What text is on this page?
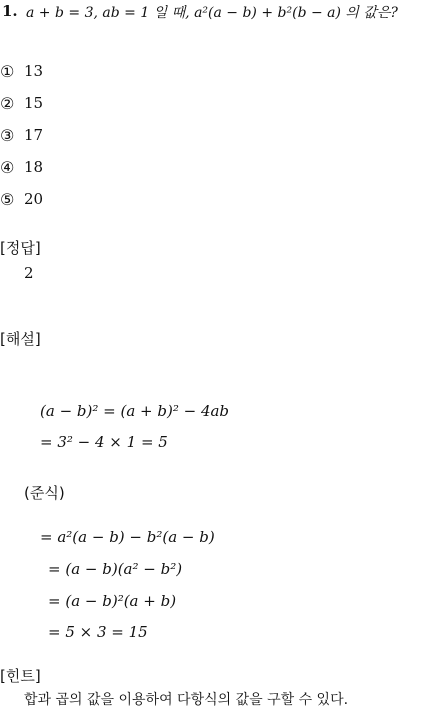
1. a + b = 3, ab = 1 일 때, a²(a − b) + b²(b − a) 의 값은?
① 13
② 15
③ 17
④ 18
⑤ 20
[정답]
2
[해설]
(a − b)² = (a + b)² − 4ab
= 3² − 4 × 1 = 5
(준식)
= a²(a − b) − b²(a − b)
= (a − b)(a² − b²)
= (a − b)²(a + b)
= 5 × 3 = 15
[힌트]
합과 곱의 값을 이용하여 다항식의 값을 구할 수 있다.
